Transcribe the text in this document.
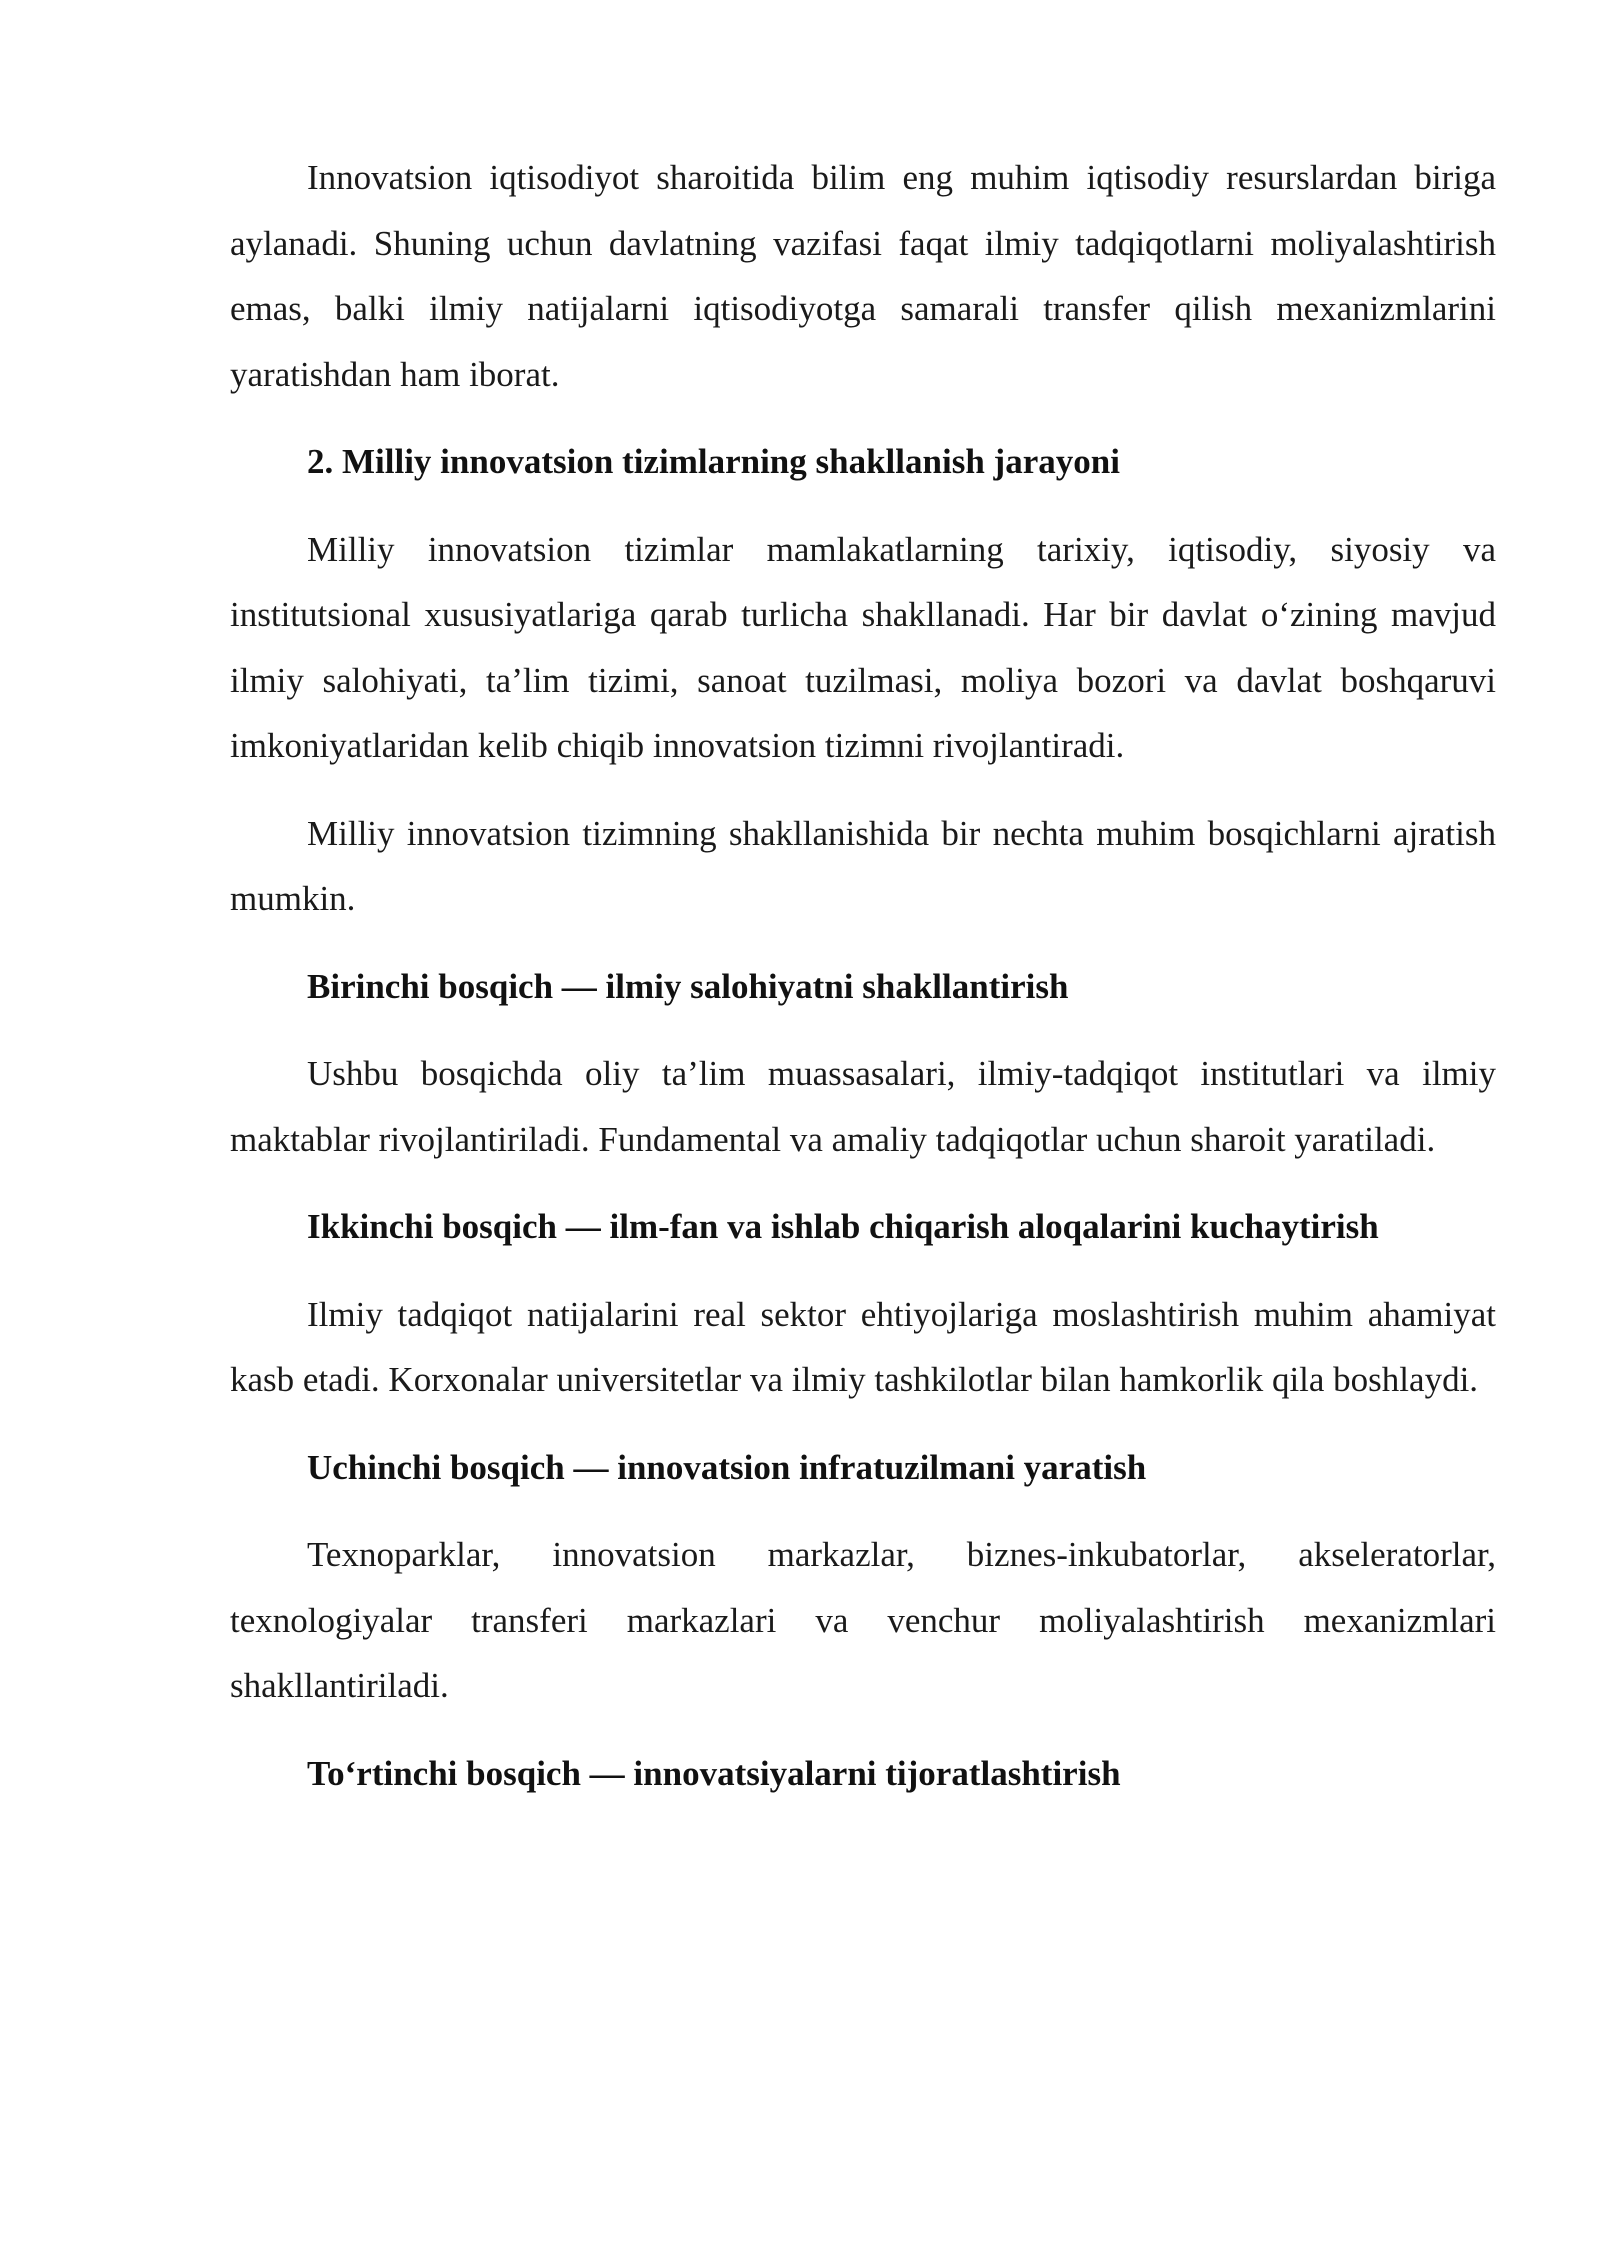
Innovatsion iqtisodiyot sharoitida bilim eng muhim iqtisodiy resurslardan biriga aylanadi. Shuning uchun davlatning vazifasi faqat ilmiy tadqiqotlarni moliyalashtirish emas, balki ilmiy natijalarni iqtisodiyotga samarali transfer qilish mexanizmlarini yaratishdan ham iborat.

2. Milliy innovatsion tizimlarning shakllanish jarayoni

Milliy innovatsion tizimlar mamlakatlarning tarixiy, iqtisodiy, siyosiy va institutsional xususiyatlariga qarab turlicha shakllanadi. Har bir davlat o‘zining mavjud ilmiy salohiyati, ta’lim tizimi, sanoat tuzilmasi, moliya bozori va davlat boshqaruvi imkoniyatlaridan kelib chiqib innovatsion tizimni rivojlantiradi.

Milliy innovatsion tizimning shakllanishida bir nechta muhim bosqichlarni ajratish mumkin.

Birinchi bosqich — ilmiy salohiyatni shakllantirish

Ushbu bosqichda oliy ta’lim muassasalari, ilmiy-tadqiqot institutlari va ilmiy maktablar rivojlantiriladi. Fundamental va amaliy tadqiqotlar uchun sharoit yaratiladi.

Ikkinchi bosqich — ilm-fan va ishlab chiqarish aloqalarini kuchaytirish

Ilmiy tadqiqot natijalarini real sektor ehtiyojlariga moslashtirish muhim ahamiyat kasb etadi. Korxonalar universitetlar va ilmiy tashkilotlar bilan hamkorlik qila boshlaydi.

Uchinchi bosqich — innovatsion infratuzilmani yaratish

Texnoparklar, innovatsion markazlar, biznes-inkubatorlar, akseleratorlar, texnologiyalar transferi markazlari va venchur moliyalashtirish mexanizmlari shakllantiriladi.

To‘rtinchi bosqich — innovatsiyalarni tijoratlashtirish
